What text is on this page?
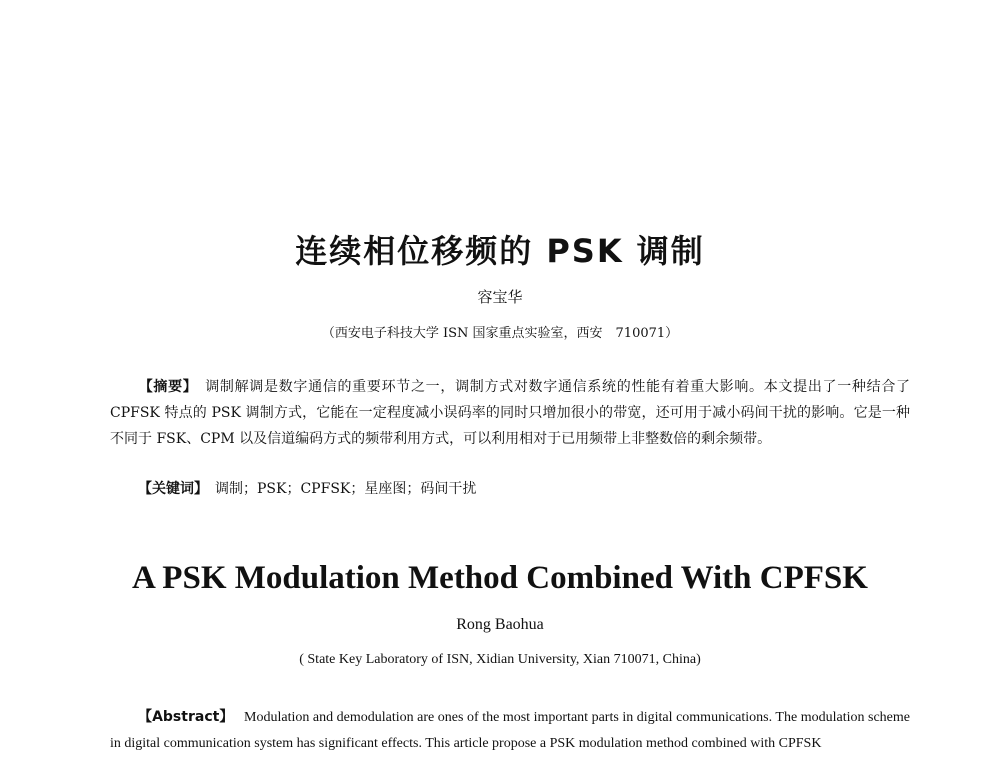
连续相位移频的 PSK 调制
容宝华
（西安电子科技大学 ISN 国家重点实验室，西安　710071）
【摘要】　 调制解调是数字通信的重要环节之一，调制方式对数字通信系统的性能有着重大影响。本文提出了一种结合了 CPFSK 特点的 PSK 调制方式，它能在一定程度减小误码率的同时只增加很小的带宽，还可用于减小码间干扰的影响。它是一种不同于 FSK、CPM 以及信道编码方式的频带利用方式，可以利用相对于已用频带上非整数倍的剩余频带。
【关键词】　 调制；PSK；CPFSK；星座图；码间干扰
A PSK Modulation Method Combined With CPFSK
Rong Baohua
( State Key Laboratory of ISN, Xidian University, Xian 710071, China)
【Abstract】 Modulation and demodulation are ones of the most important parts in digital communications. The modulation scheme in digital communication system has significant effects. This article propose a PSK modulation method combined with CPFSK
